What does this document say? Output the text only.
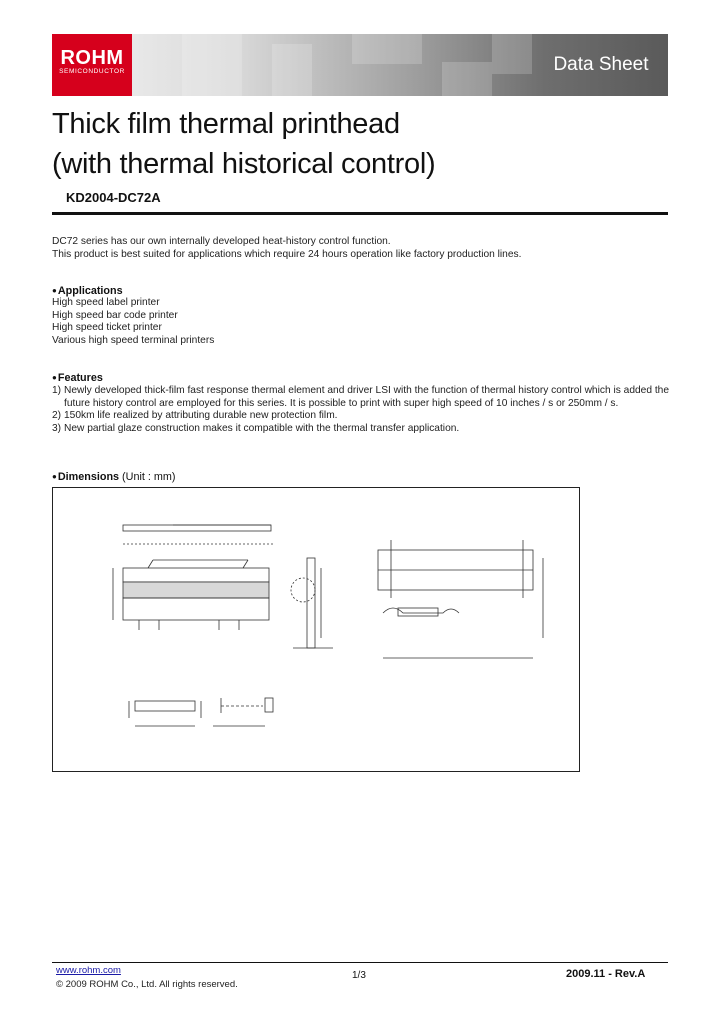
ROHM
SEMICONDUCTOR	Data Sheet
Thick film thermal printhead
(with thermal historical control)
KD2004-DC72A
DC72 series has our own internally developed heat-history control function.
This product is best suited for applications which require 24 hours operation like factory production lines.
●Applications
High speed label printer
High speed bar code printer
High speed ticket printer
Various high speed terminal printers
●Features
1) Newly developed thick-film fast response thermal element and driver LSI with the function of thermal history control which is added the future history control are employed for this series. It is possible to print with super high speed of 10 inches / s or 250mm / s.
2) 150km life realized by attributing durable new protection film.
3) New partial glaze construction makes it compatible with the thermal transfer application.
●Dimensions (Unit : mm)
www.rohm.com
© 2009 ROHM Co., Ltd. All rights reserved.
1/3	2009.11 - Rev.A
